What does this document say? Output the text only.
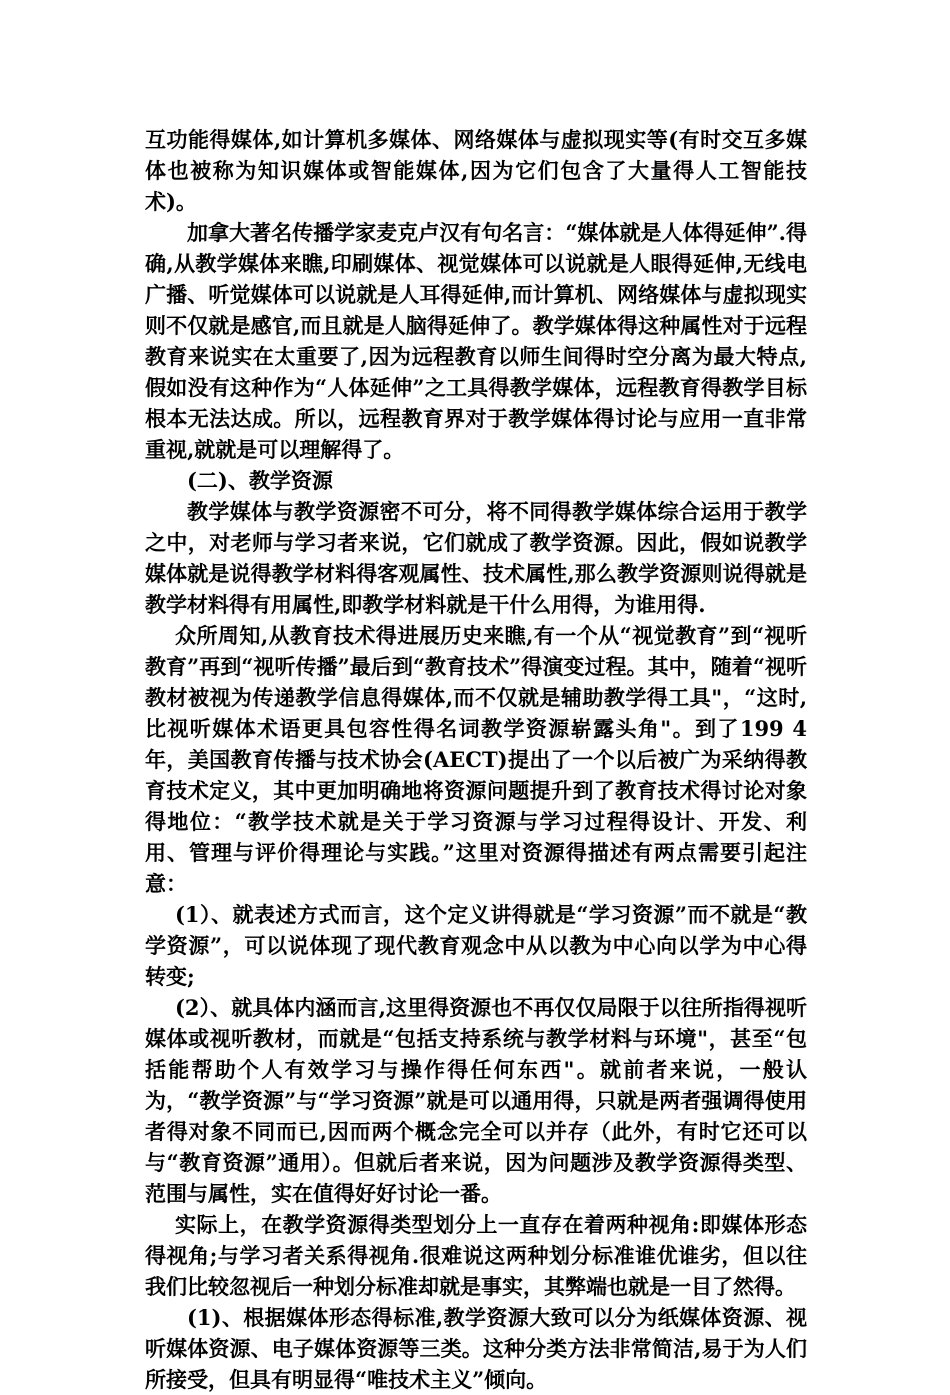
互功能得媒体,如计算机多媒体、网络媒体与虚拟现实等(有时交互多媒体也被称为知识媒体或智能媒体,因为它们包含了大量得人工智能技术)。

加拿大著名传播学家麦克卢汉有句名言：“媒体就是人体得延伸”.得确,从教学媒体来瞧,印刷媒体、视觉媒体可以说就是人眼得延伸,无线电广播、听觉媒体可以说就是人耳得延伸,而计算机、网络媒体与虚拟现实则不仅就是感官,而且就是人脑得延伸了。教学媒体得这种属性对于远程教育来说实在太重要了,因为远程教育以师生间得时空分离为最大特点,假如没有这种作为“人体延伸”之工具得教学媒体，远程教育得教学目标根本无法达成。所以，远程教育界对于教学媒体得讨论与应用一直非常重视,就就是可以理解得了。

(二)、教学资源

教学媒体与教学资源密不可分，将不同得教学媒体综合运用于教学之中，对老师与学习者来说，它们就成了教学资源。因此，假如说教学媒体就是说得教学材料得客观属性、技术属性,那么教学资源则说得就是教学材料得有用属性,即教学材料就是干什么用得，为谁用得.

众所周知,从教育技术得进展历史来瞧,有一个从“视觉教育”到“视听教育”再到“视听传播”最后到“教育技术”得演变过程。其中，随着“视听教材被视为传递教学信息得媒体,而不仅就是辅助教学得工具"，“这时,比视听媒体术语更具包容性得名词教学资源崭露头角"。到了199 4年，美国教育传播与技术协会(AECT)提出了一个以后被广为采纳得教育技术定义，其中更加明确地将资源问题提升到了教育技术得讨论对象得地位：“教学技术就是关于学习资源与学习过程得设计、开发、利用、管理与评价得理论与实践。”这里对资源得描述有两点需要引起注意：

(1）、就表述方式而言，这个定义讲得就是“学习资源”而不就是“教学资源”，可以说体现了现代教育观念中从以教为中心向以学为中心得转变;

(2）、就具体内涵而言,这里得资源也不再仅仅局限于以往所指得视听媒体或视听教材，而就是“包括支持系统与教学材料与环境"，甚至“包括能帮助个人有效学习与操作得任何东西"。就前者来说，一般认为，“教学资源”与“学习资源”就是可以通用得，只就是两者强调得使用者得对象不同而已,因而两个概念完全可以并存（此外，有时它还可以与“教育资源”通用）。但就后者来说，因为问题涉及教学资源得类型、范围与属性，实在值得好好讨论一番。

实际上，在教学资源得类型划分上一直存在着两种视角:即媒体形态得视角;与学习者关系得视角.很难说这两种划分标准谁优谁劣，但以往我们比较忽视后一种划分标准却就是事实，其弊端也就是一目了然得。

(1)、根据媒体形态得标准,教学资源大致可以分为纸媒体资源、视听媒体资源、电子媒体资源等三类。这种分类方法非常简洁,易于为人们所接受，但具有明显得“唯技术主义”倾向。
